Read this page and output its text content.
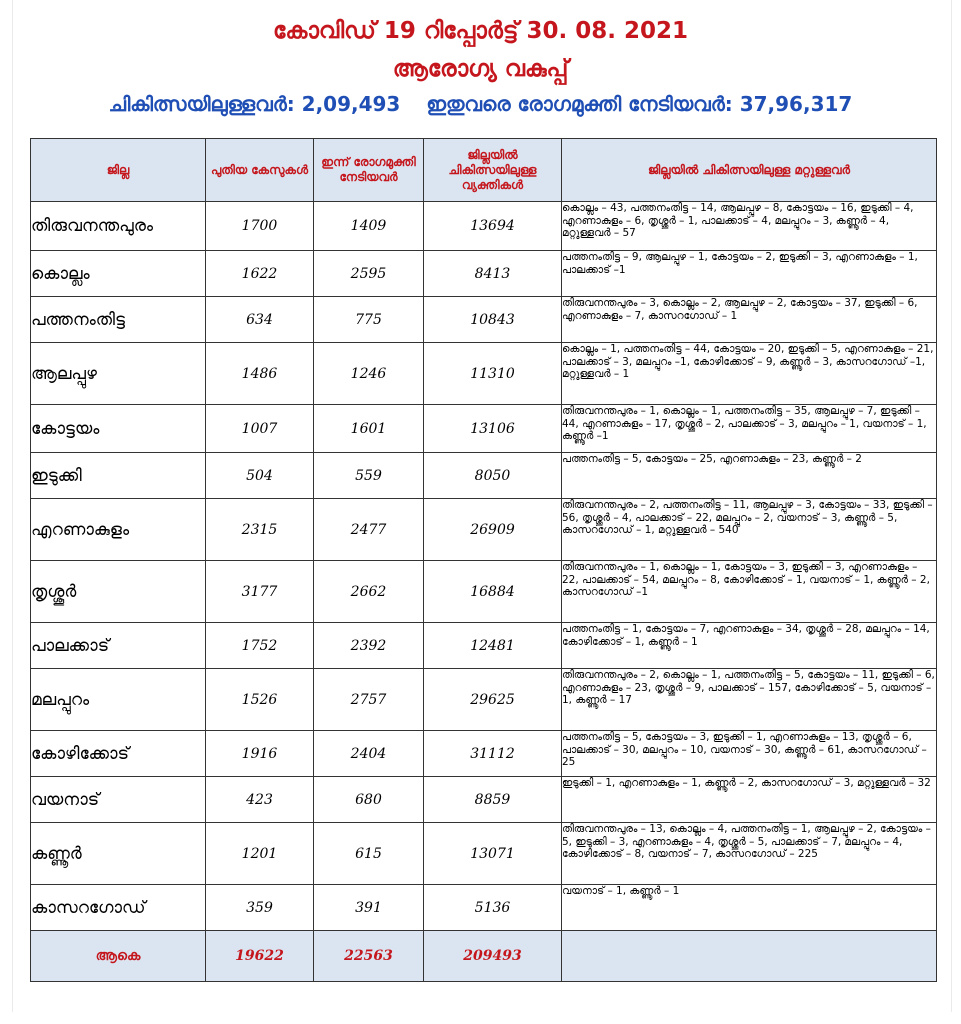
കോവിഡ് 19 റിപ്പോർട്ട് 30. 08. 2021
ആരോഗ്യ വകുപ്പ്
ചികിത്സയിലുള്ളവർ: 2,09,493 ഇതുവരെ രോഗമുക്തി നേടിയവർ: 37,96,317
ജില്ല	പുതിയ കേസുകൾ	ഇന്ന് രോഗമുക്തി നേടിയവർ	ജില്ലയിൽ ചികിത്സയിലുള്ള വ്യക്തികൾ	ജില്ലയിൽ ചികിത്സയിലുള്ള മറ്റുള്ളവർ
തിരുവനന്തപുരം	1700	1409	13694	കൊല്ലം – 43, പത്തനംതിട്ട – 14, ആലപ്പുഴ – 8, കോട്ടയം – 16, ഇടുക്കി – 4, എറണാകുളം – 6, തൃശ്ശൂർ – 1, പാലക്കാട് – 4, മലപ്പുറം – 3, കണ്ണൂർ – 4, മറ്റുള്ളവർ – 57
കൊല്ലം	1622	2595	8413	പത്തനംതിട്ട – 9, ആലപ്പുഴ – 1, കോട്ടയം – 2, ഇടുക്കി – 3, എറണാകുളം – 1, പാലക്കാട് –1
പത്തനംതിട്ട	634	775	10843	തിരുവനന്തപുരം – 3, കൊല്ലം – 2, ആലപ്പുഴ – 2, കോട്ടയം – 37, ഇടുക്കി – 6, എറണാകുളം – 7, കാസറഗോഡ് – 1
ആലപ്പുഴ	1486	1246	11310	കൊല്ലം – 1, പത്തനംതിട്ട – 44, കോട്ടയം – 20, ഇടുക്കി – 5, എറണാകുളം – 21, പാലക്കാട് – 3, മലപ്പുറം –1, കോഴിക്കോട് – 9, കണ്ണൂർ – 3, കാസറഗോഡ് –1, മറ്റുള്ളവർ – 1
കോട്ടയം	1007	1601	13106	തിരുവനന്തപുരം – 1, കൊല്ലം – 1, പത്തനംതിട്ട – 35, ആലപ്പുഴ – 7, ഇടുക്കി – 44, എറണാകുളം – 17, തൃശ്ശൂർ – 2, പാലക്കാട് – 3, മലപ്പുറം – 1, വയനാട് – 1, കണ്ണൂർ –1
ഇടുക്കി	504	559	8050	പത്തനംതിട്ട – 5, കോട്ടയം – 25, എറണാകുളം – 23, കണ്ണൂർ – 2
എറണാകുളം	2315	2477	26909	തിരുവനന്തപുരം – 2, പത്തനംതിട്ട – 11, ആലപ്പുഴ – 3, കോട്ടയം – 33, ഇടുക്കി – 56, തൃശ്ശൂർ – 4, പാലക്കാട് – 22, മലപ്പുറം – 2, വയനാട് – 3, കണ്ണൂർ – 5, കാസറഗോഡ് – 1, മറ്റുള്ളവർ – 540
തൃശ്ശൂർ	3177	2662	16884	തിരുവനന്തപുരം – 1, കൊല്ലം – 1, കോട്ടയം – 3, ഇടുക്കി – 3, എറണാകുളം – 22, പാലക്കാട് – 54, മലപ്പുറം – 8, കോഴിക്കോട് – 1, വയനാട് – 1, കണ്ണൂർ – 2, കാസറഗോഡ് –1
പാലക്കാട്	1752	2392	12481	പത്തനംതിട്ട – 1, കോട്ടയം – 7, എറണാകുളം – 34, തൃശ്ശൂർ – 28, മലപ്പുറം – 14, കോഴിക്കോട് – 1, കണ്ണൂർ – 1
മലപ്പുറം	1526	2757	29625	തിരുവനന്തപുരം – 2, കൊല്ലം – 1, പത്തനംതിട്ട – 5, കോട്ടയം – 11, ഇടുക്കി – 6, എറണാകുളം – 23, തൃശ്ശൂർ – 9, പാലക്കാട് – 157, കോഴിക്കോട് – 5, വയനാട് – 1, കണ്ണൂർ – 17
കോഴിക്കോട്	1916	2404	31112	പത്തനംതിട്ട – 5, കോട്ടയം – 3, ഇടുക്കി – 1, എറണാകുളം – 13, തൃശ്ശൂർ – 6, പാലക്കാട് – 30, മലപ്പുറം – 10, വയനാട് – 30, കണ്ണൂർ – 61, കാസറഗോഡ് – 25
വയനാട്	423	680	8859	ഇടുക്കി – 1, എറണാകുളം – 1, കണ്ണൂർ – 2, കാസറഗോഡ് – 3, മറ്റുള്ളവർ – 32
കണ്ണൂർ	1201	615	13071	തിരുവനന്തപുരം – 13, കൊല്ലം – 4, പത്തനംതിട്ട – 1, ആലപ്പുഴ – 2, കോട്ടയം – 5, ഇടുക്കി – 3, എറണാകുളം – 4, തൃശ്ശൂർ – 5, പാലക്കാട് – 7, മലപ്പുറം – 4, കോഴിക്കോട് – 8, വയനാട് – 7, കാസറഗോഡ് – 225
കാസറഗോഡ്	359	391	5136	വയനാട് – 1, കണ്ണൂർ – 1
ആകെ	19622	22563	209493	
